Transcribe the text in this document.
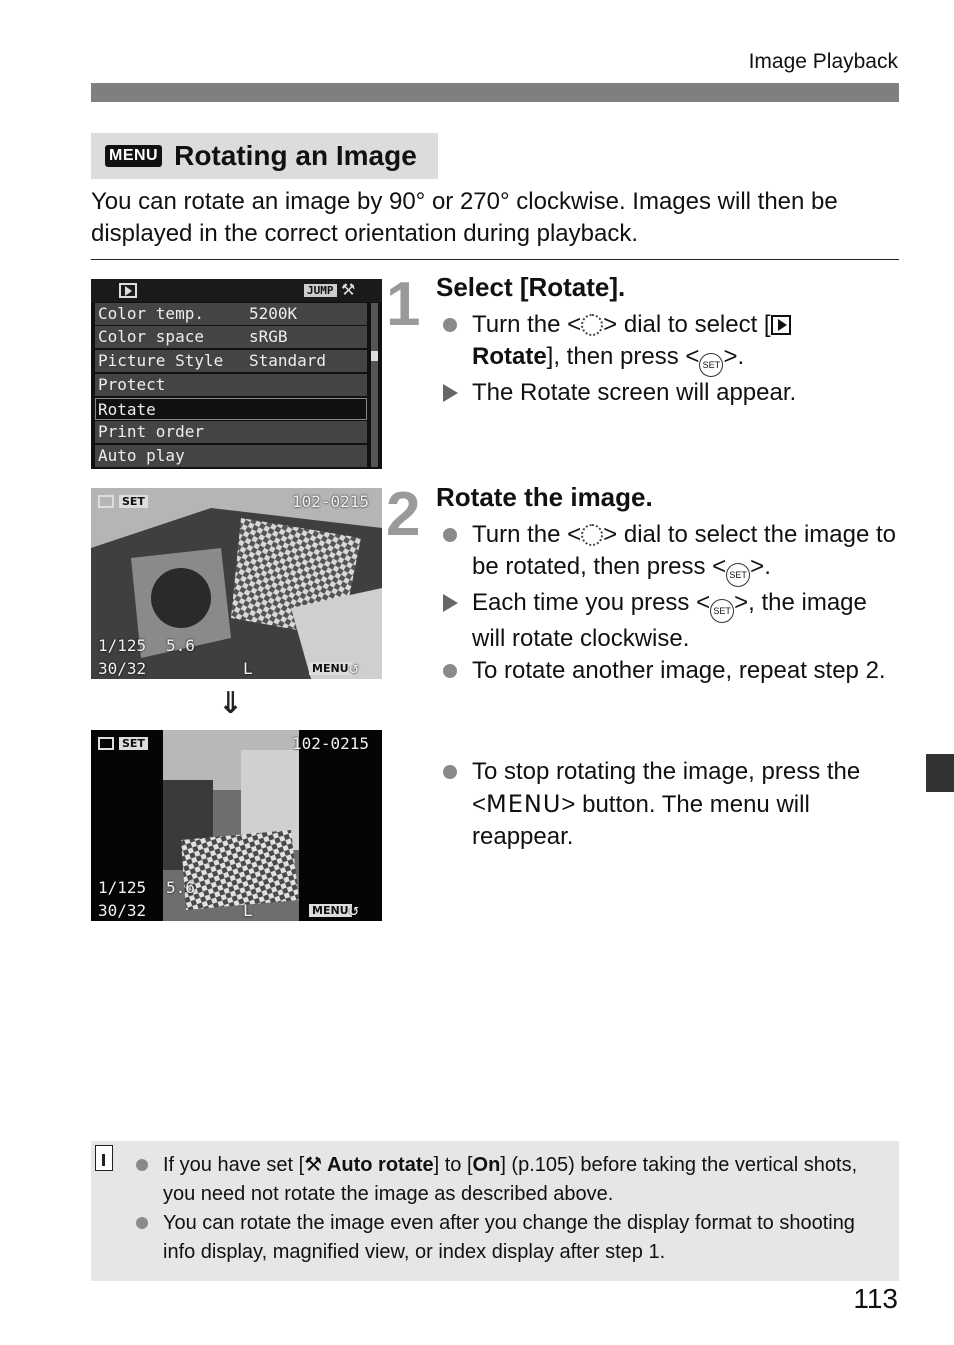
Image Playback
MENU Rotating an Image
You can rotate an image by 90° or 270° clockwise. Images will then be displayed in the correct orientation during playback.
1 Select [Rotate].
Turn the < > dial to select [
Rotate], then press < SET >.
The Rotate screen will appear.
JUMP ⚒
Color temp.	5200K
Color space	sRGB
Picture Style Standard
Protect
Rotate
Print order
Auto play
2 Rotate the image.
Turn the < > dial to select the image to be rotated, then press < SET >.
Each time you press < SET >, the image will rotate clockwise.
To rotate another image, repeat step 2.
To stop rotating the image, press the <MENU> button. The menu will reappear.
SET	102-0215
1/125 5.6
30/32	L	MENU ↺
⇓
SET	102-0215
1/125 5.6
30/32	L	MENU ↺
If you have set [⚒ Auto rotate] to [On] (p.105) before taking the vertical shots, you need not rotate the image as described above.
You can rotate the image even after you change the display format to shooting info display, magnified view, or index display after step 1.
113
